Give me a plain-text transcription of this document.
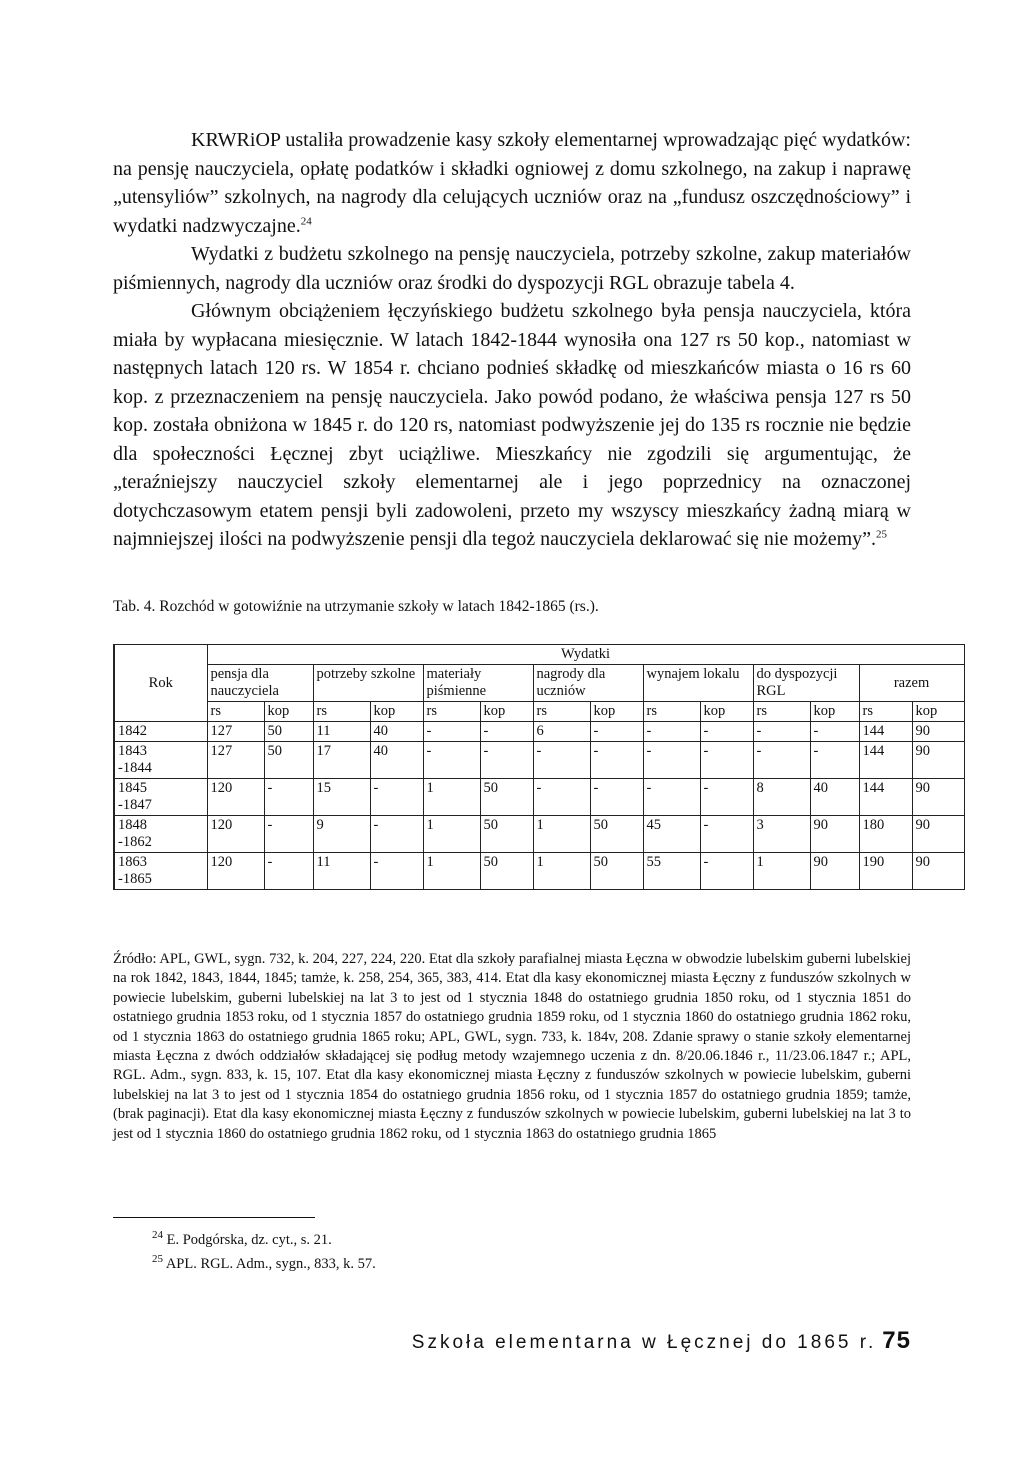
KRWRiOP ustaliła prowadzenie kasy szkoły elementarnej wprowadzając pięć wydatków: na pensję nauczyciela, opłatę podatków i składki ogniowej z domu szkolnego, na zakup i naprawę „utensyliów” szkolnych, na nagrody dla celujących uczniów oraz na „fundusz oszczędnościowy” i wydatki nadzwyczajne.$^{24}$

Wydatki z budżetu szkolnego na pensję nauczyciela, potrzeby szkolne, zakup materiałów piśmiennych, nagrody dla uczniów oraz środki do dyspozycji RGL obrazuje tabela 4.

Głównym obciążeniem łęczyńskiego budżetu szkolnego była pensja nauczyciela, która miała by wypłacana miesięcznie. W latach 1842-1844 wynosiła ona 127 rs 50 kop., natomiast w następnych latach 120 rs. W 1854 r. chciano podnieś składkę od mieszkańców miasta o 16 rs 60 kop. z przeznaczeniem na pensję nauczyciela. Jako powód podano, że właściwa pensja 127 rs 50 kop. została obniżona w 1845 r. do 120 rs, natomiast podwyższenie jej do 135 rs rocznie nie będzie dla społeczności Łęcznej zbyt uciążliwe. Mieszkańcy nie zgodzili się argumentując, że „teraźniejszy nauczyciel szkoły elementarnej ale i jego poprzednicy na oznaczonej dotychczasowym etatem pensji byli zadowoleni, przeto my wszyscy mieszkańcy żadną miarą w najmniejszej ilości na podwyższenie pensji dla tegoż nauczyciela deklarować się nie możemy”.$^{25}$

Tab. 4. Rozchód w gotowiźnie na utrzymanie szkoły w latach 1842-1865 (rs.).

Rok	Wydatki													
	pensja dla nauczyciela		potrzeby szkolne		materiały piśmienne		nagrody dla uczniów		wynajem lokalu		do dyspozycji RGL		razem	
	rs	kop	rs	kop	rs	kop	rs	kop	rs	kop	rs	kop	rs	kop
1842	127	50	11	40	-	-	6	-	-	-	-	-	144	90
1843 -1844	127	50	17	40	-	-	-	-	-	-	-	-	144	90
1845 -1847	120	-	15	-	1	50	-	-	-	-	8	40	144	90
1848 -1862	120	-	9	-	1	50	1	50	45	-	3	90	180	90
1863 -1865	120	-	11	-	1	50	1	50	55	-	1	90	190	90

Źródło: APL, GWL, sygn. 732, k. 204, 227, 224, 220. Etat dla szkoły parafialnej miasta Łęczna w obwodzie lubelskim guberni lubelskiej na rok 1842, 1843, 1844, 1845; tamże, k. 258, 254, 365, 383, 414. Etat dla kasy ekonomicznej miasta Łęczny z funduszów szkolnych w powiecie lubelskim, guberni lubelskiej na lat 3 to jest od 1 stycznia 1848 do ostatniego grudnia 1850 roku, od 1 stycznia 1851 do ostatniego grudnia 1853 roku, od 1 stycznia 1857 do ostatniego grudnia 1859 roku, od 1 stycznia 1860 do ostatniego grudnia 1862 roku, od 1 stycznia 1863 do ostatniego grudnia 1865 roku; APL, GWL, sygn. 733, k. 184v, 208. Zdanie sprawy o stanie szkoły elementarnej miasta Łęczna z dwóch oddziałów składającej się podług metody wzajemnego uczenia z dn. 8/20.06.1846 r., 11/23.06.1847 r.; APL, RGL. Adm., sygn. 833, k. 15, 107. Etat dla kasy ekonomicznej miasta Łęczny z funduszów szkolnych w powiecie lubelskim, guberni lubelskiej na lat 3 to jest od 1 stycznia 1854 do ostatniego grudnia 1856 roku, od 1 stycznia 1857 do ostatniego grudnia 1859; tamże, (brak paginacji). Etat dla kasy ekonomicznej miasta Łęczny z funduszów szkolnych w powiecie lubelskim, guberni lubelskiej na lat 3 to jest od 1 stycznia 1860 do ostatniego grudnia 1862 roku, od 1 stycznia 1863 do ostatniego grudnia 1865

$^{24}$ E. Podgórska, dz. cyt., s. 21.

$^{25}$ APL. RGL. Adm., sygn., 833, k. 57.

Szkoła elementarna w Łęcznej do 1865 r. 75
